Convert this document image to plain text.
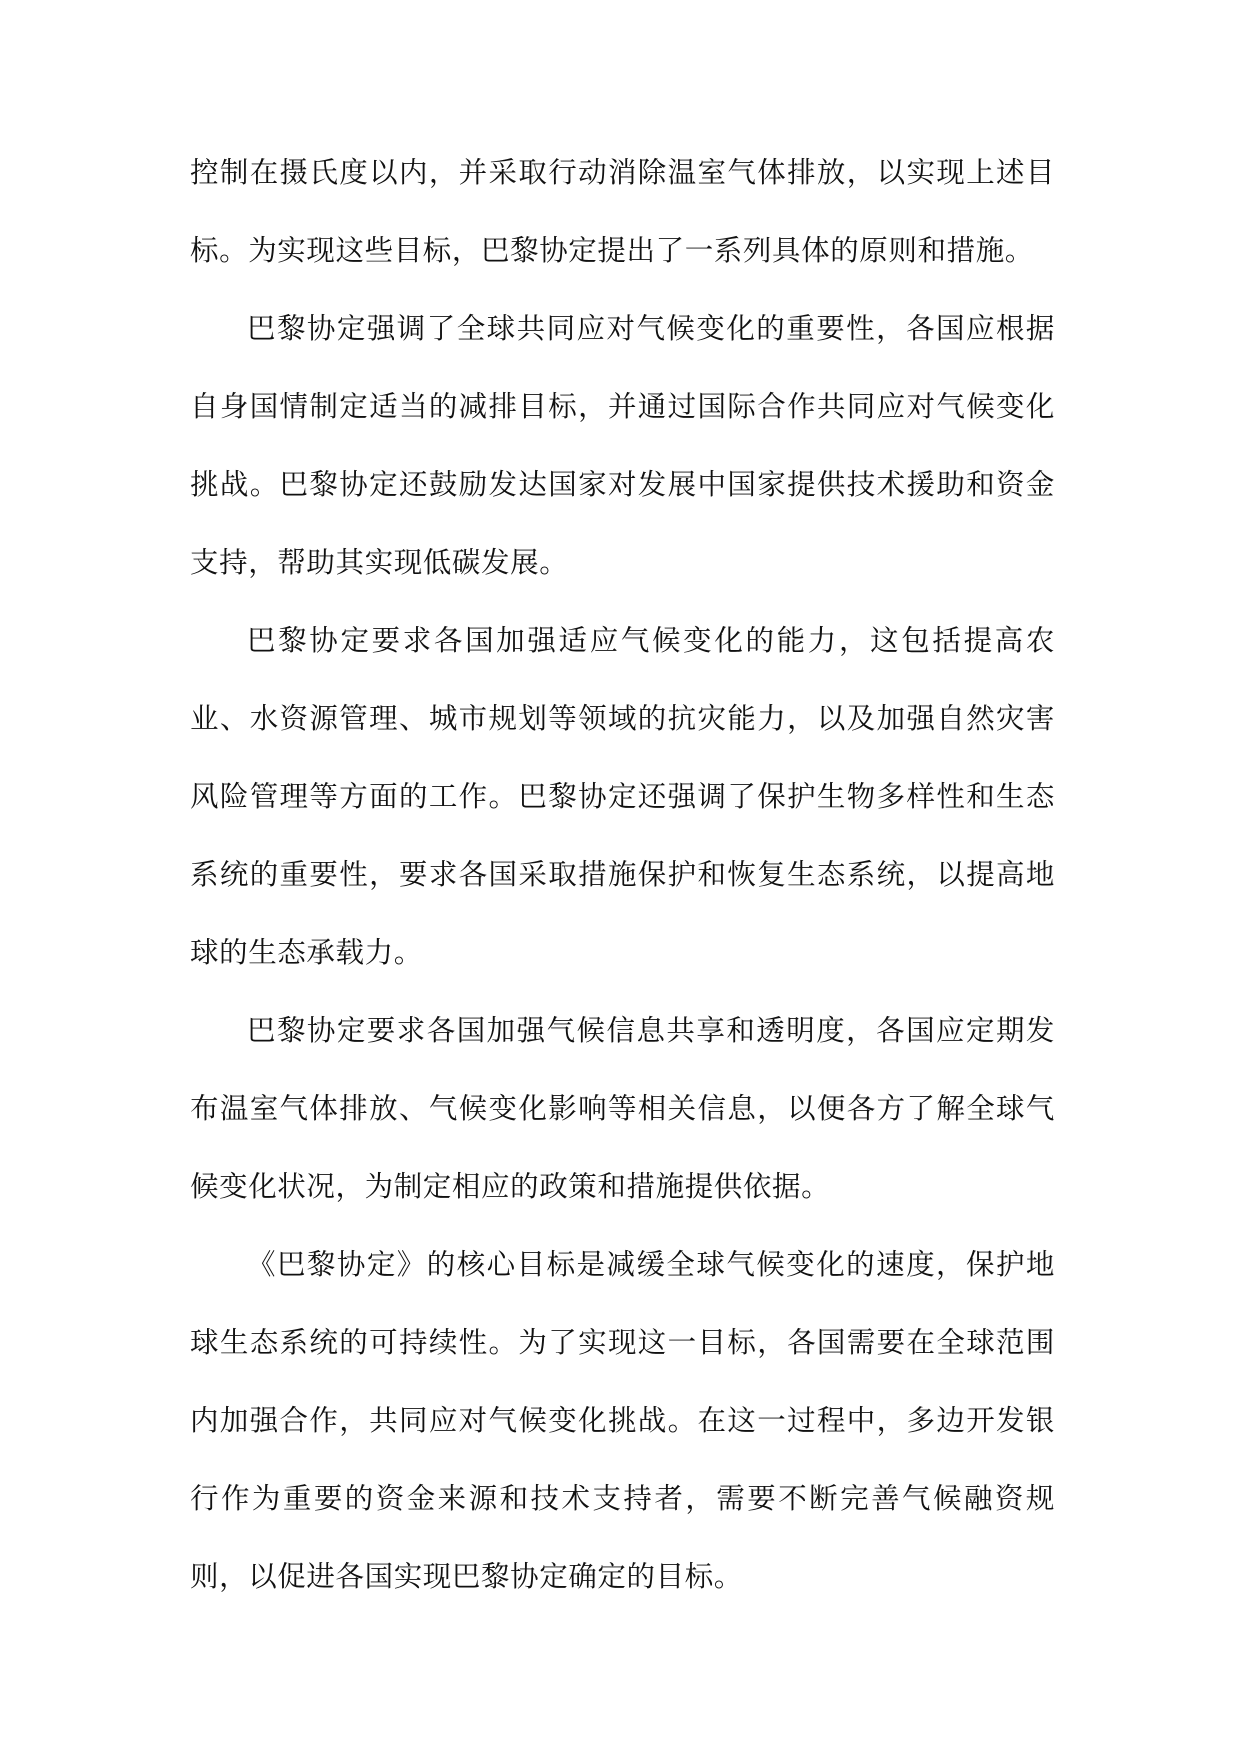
控制在摄氏度以内，并采取行动消除温室气体排放，以实现上述目标。为实现这些目标，巴黎协定提出了一系列具体的原则和措施。

巴黎协定强调了全球共同应对气候变化的重要性，各国应根据自身国情制定适当的减排目标，并通过国际合作共同应对气候变化挑战。巴黎协定还鼓励发达国家对发展中国家提供技术援助和资金支持，帮助其实现低碳发展。

巴黎协定要求各国加强适应气候变化的能力，这包括提高农业、水资源管理、城市规划等领域的抗灾能力，以及加强自然灾害风险管理等方面的工作。巴黎协定还强调了保护生物多样性和生态系统的重要性，要求各国采取措施保护和恢复生态系统，以提高地球的生态承载力。

巴黎协定要求各国加强气候信息共享和透明度，各国应定期发布温室气体排放、气候变化影响等相关信息，以便各方了解全球气候变化状况，为制定相应的政策和措施提供依据。

《巴黎协定》的核心目标是减缓全球气候变化的速度，保护地球生态系统的可持续性。为了实现这一目标，各国需要在全球范围内加强合作，共同应对气候变化挑战。在这一过程中，多边开发银行作为重要的资金来源和技术支持者，需要不断完善气候融资规则，以促进各国实现巴黎协定确定的目标。
